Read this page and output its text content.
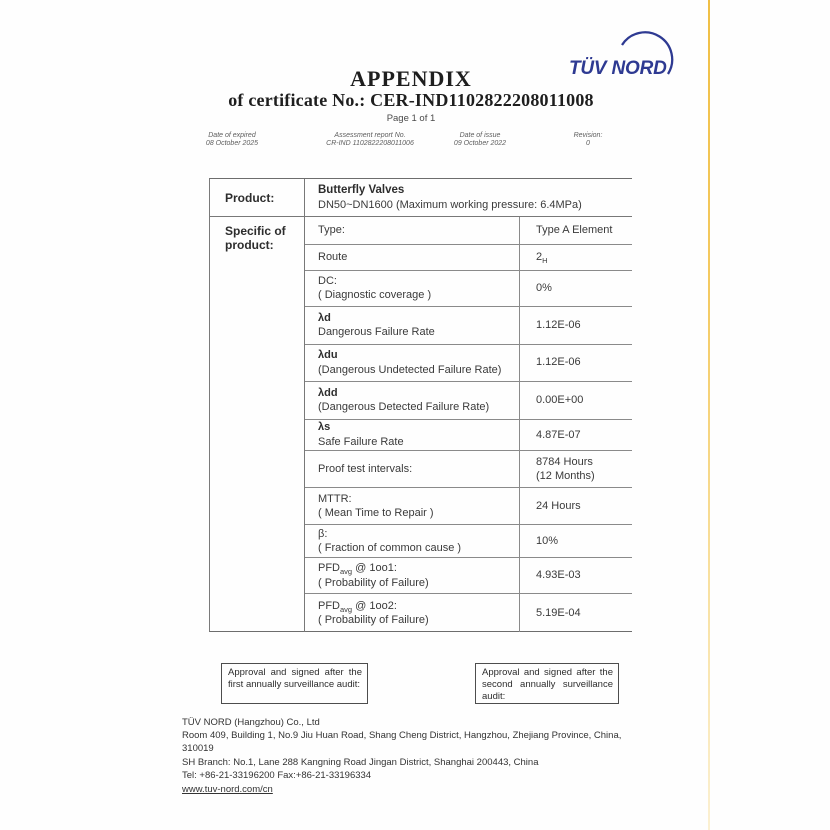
TÜV NORD
APPENDIX
of certificate No.: CER-IND1102822208011008
Page 1 of 1
Date of expired
08 October 2025
Assessment report No.
CR-IND 1102822208011006
Date of issue
09 October 2022
Revision:
0
Product:
Butterfly Valves
DN50~DN1600 (Maximum working pressure: 6.4MPa)
Specific of product:
Type:	Type A Element
Route	$2_H$
DC:
( Diagnostic coverage )
0%
λd
Dangerous Failure Rate
1.12E-06
λdu
(Dangerous Undetected Failure Rate)
1.12E-06
λdd
(Dangerous Detected Failure Rate)
0.00E+00
λs
Safe Failure Rate
4.87E-07
Proof test intervals:
8784 Hours
(12 Months)
MTTR:
( Mean Time to Repair )
24 Hours
β:
( Fraction of common cause )
10%
$PFD_{avg}$ @ 1oo1:
( Probability of Failure)
4.93E-03
$PFD_{avg}$ @ 1oo2:
( Probability of Failure)
5.19E-04
Approval and signed after the first annually surveillance audit:
Approval and signed after the second annually surveillance audit:
TÜV NORD (Hangzhou) Co., Ltd
Room 409, Building 1, No.9 Jiu Huan Road, Shang Cheng District, Hangzhou, Zhejiang Province, China, 310019
SH Branch: No.1, Lane 288 Kangning Road Jingan District, Shanghai 200443, China
Tel: +86-21-33196200 Fax:+86-21-33196334
www.tuv-nord.com/cn
